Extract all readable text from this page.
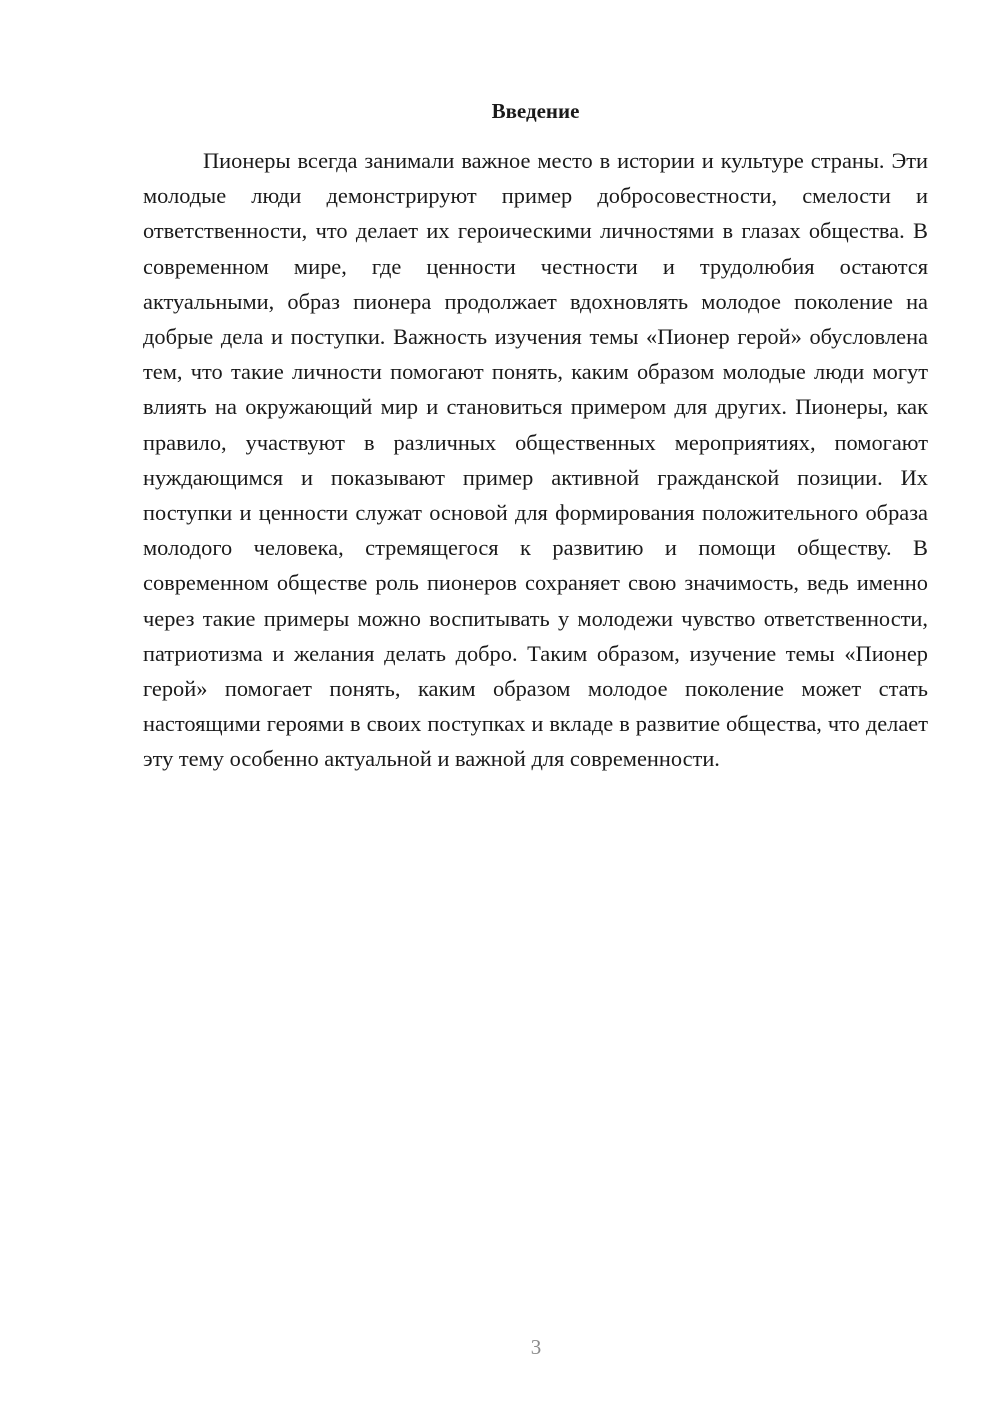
Введение

Пионеры всегда занимали важное место в истории и культуре страны. Эти молодые люди демонстрируют пример добросовестности, смелости и ответственности, что делает их героическими личностями в глазах общества. В современном мире, где ценности честности и трудолюбия остаются актуальными, образ пионера продолжает вдохновлять молодое поколение на добрые дела и поступки. Важность изучения темы «Пионер герой» обусловлена тем, что такие личности помогают понять, каким образом молодые люди могут влиять на окружающий мир и становиться примером для других. Пионеры, как правило, участвуют в различных общественных мероприятиях, помогают нуждающимся и показывают пример активной гражданской позиции. Их поступки и ценности служат основой для формирования положительного образа молодого человека, стремящегося к развитию и помощи обществу. В современном обществе роль пионеров сохраняет свою значимость, ведь именно через такие примеры можно воспитывать у молодежи чувство ответственности, патриотизма и желания делать добро. Таким образом, изучение темы «Пионер герой» помогает понять, каким образом молодое поколение может стать настоящими героями в своих поступках и вкладе в развитие общества, что делает эту тему особенно актуальной и важной для современности.

3
